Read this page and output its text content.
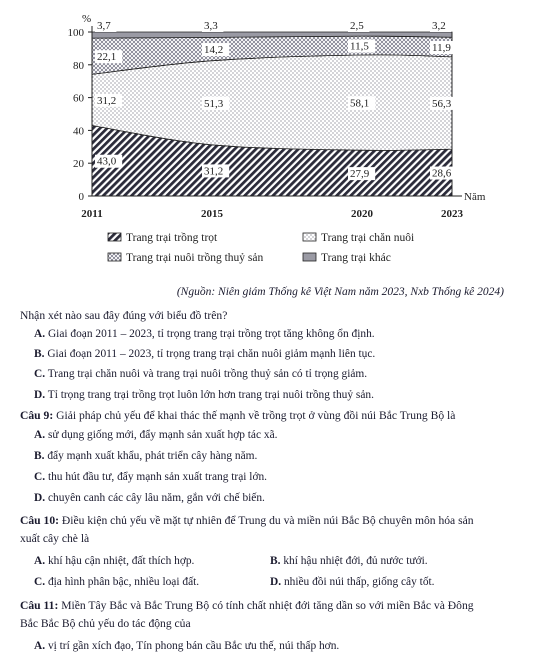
0
20
40
60
80
100
%
2011	2015	2020	2023
Năm
43,0
31,2	27,9	28,6
31,2	51,3	58,1	56,3
22,1
14,2	11,5	11,9
3,7	3,3	2,5	3,2
Trang trại trồng trọt	Trang trại chăn nuôi
Trang trại nuôi trồng thuỷ sản	Trang trại khác
(Nguồn: Niên giám Thống kê Việt Nam năm 2023, Nxb Thống kê 2024)
Nhận xét nào sau đây đúng với biểu đồ trên?
A. Giai đoạn 2011 – 2023, tỉ trọng trang trại trồng trọt tăng không ổn định.
B. Giai đoạn 2011 – 2023, tỉ trọng trang trại chăn nuôi giảm mạnh liên tục.
C. Trang trại chăn nuôi và trang trại nuôi trồng thuỷ sản có tỉ trọng giảm.
D. Tỉ trọng trang trại trồng trọt luôn lớn hơn trang trại nuôi trồng thuỷ sản.
Câu 9: Giải pháp chủ yếu để khai thác thế mạnh về trồng trọt ở vùng đồi núi Bắc Trung Bộ là
A. sử dụng giống mới, đẩy mạnh sản xuất hợp tác xã.
B. đẩy mạnh xuất khẩu, phát triển cây hàng năm.
C. thu hút đầu tư, đẩy mạnh sản xuất trang trại lớn.
D. chuyên canh các cây lâu năm, gắn với chế biến.
Câu 10: Điều kiện chủ yếu về mặt tự nhiên để Trung du và miền núi Bắc Bộ chuyên môn hóa sản
xuất cây chè là
A. khí hậu cận nhiệt, đất thích hợp.	B. khí hậu nhiệt đới, đủ nước tưới.
C. địa hình phân bậc, nhiều loại đất.	D. nhiều đồi núi thấp, giống cây tốt.
Câu 11: Miền Tây Bắc và Bắc Trung Bộ có tính chất nhiệt đới tăng dần so với miền Bắc và Đông
Bắc Bắc Bộ chủ yếu do tác động của
A. vị trí gần xích đạo, Tín phong bán cầu Bắc ưu thế, núi thấp hơn.
